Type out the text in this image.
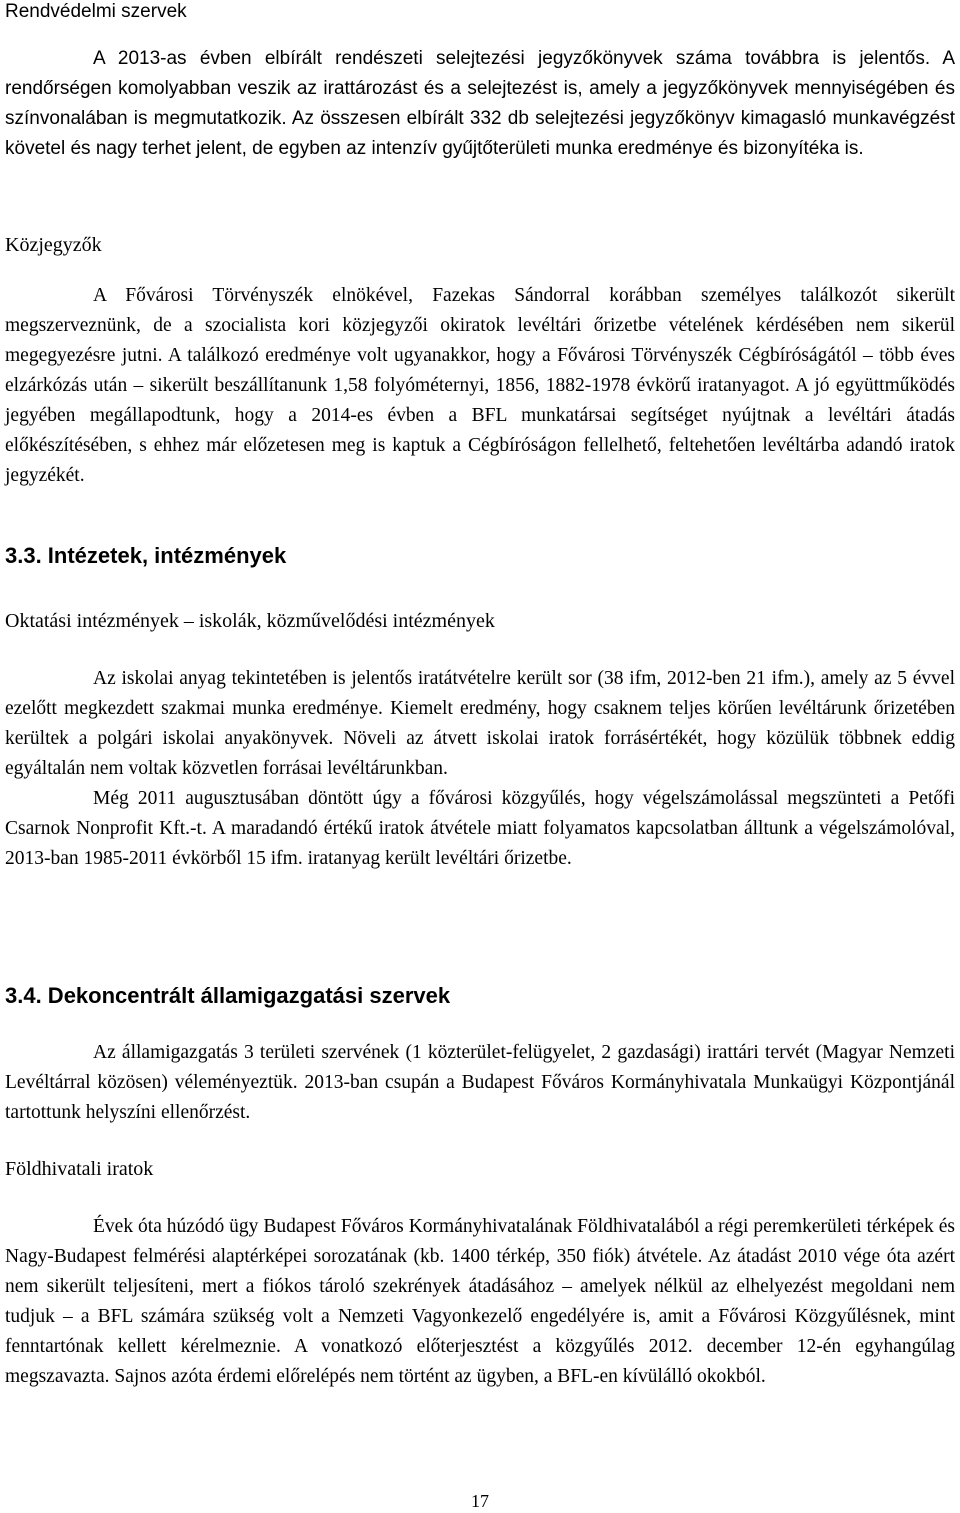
Rendvédelmi szervek

A 2013-as évben elbírált rendészeti selejtezési jegyzőkönyvek száma továbbra is jelentős. A rendőrségen komolyabban veszik az irattározást és a selejtezést is, amely a jegyzőkönyvek mennyiségében és színvonalában is megmutatkozik. Az összesen elbírált 332 db selejtezési jegyzőkönyv kimagasló munkavégzést követel és nagy terhet jelent, de egyben az intenzív gyűjtőterületi munka eredménye és bizonyítéka is.

Közjegyzők

A Fővárosi Törvényszék elnökével, Fazekas Sándorral korábban személyes találkozót sikerült megszerveznünk, de a szocialista kori közjegyzői okiratok levéltári őrizetbe vételének kérdésében nem sikerül megegyezésre jutni. A találkozó eredménye volt ugyanakkor, hogy a Fővárosi Törvényszék Cégbíróságától – több éves elzárkózás után – sikerült beszállítanunk 1,58 folyóméternyi, 1856, 1882-1978 évkörű iratanyagot. A jó együttműködés jegyében megállapodtunk, hogy a 2014-es évben a BFL munkatársai segítséget nyújtnak a levéltári átadás előkészítésében, s ehhez már előzetesen meg is kaptuk a Cégbíróságon fellelhető, feltehetően levéltárba adandó iratok jegyzékét.

3.3. Intézetek, intézmények

Oktatási intézmények – iskolák, közművelődési intézmények

Az iskolai anyag tekintetében is jelentős iratátvételre került sor (38 ifm, 2012-ben 21 ifm.), amely az 5 évvel ezelőtt megkezdett szakmai munka eredménye. Kiemelt eredmény, hogy csaknem teljes körűen levéltárunk őrizetében kerültek a polgári iskolai anyakönyvek. Növeli az átvett iskolai iratok forrásértékét, hogy közülük többnek eddig egyáltalán nem voltak közvetlen forrásai levéltárunkban.

Még 2011 augusztusában döntött úgy a fővárosi közgyűlés, hogy végelszámolással megszünteti a Petőfi Csarnok Nonprofit Kft.-t. A maradandó értékű iratok átvétele miatt folyamatos kapcsolatban álltunk a végelszámolóval, 2013-ban 1985-2011 évkörből 15 ifm. iratanyag került levéltári őrizetbe.

3.4. Dekoncentrált államigazgatási szervek

Az államigazgatás 3 területi szervének (1 közterület-felügyelet, 2 gazdasági) irattári tervét (Magyar Nemzeti Levéltárral közösen) véleményeztük. 2013-ban csupán a Budapest Főváros Kormányhivatala Munkaügyi Központjánál tartottunk helyszíni ellenőrzést.

Földhivatali iratok

Évek óta húzódó ügy Budapest Főváros Kormányhivatalának Földhivatalából a régi peremkerületi térképek és Nagy-Budapest felmérési alaptérképei sorozatának (kb. 1400 térkép, 350 fiók) átvétele. Az átadást 2010 vége óta azért nem sikerült teljesíteni, mert a fiókos tároló szekrények átadásához – amelyek nélkül az elhelyezést megoldani nem tudjuk – a BFL számára szükség volt a Nemzeti Vagyonkezelő engedélyére is, amit a Fővárosi Közgyűlésnek, mint fenntartónak kellett kérelmeznie. A vonatkozó előterjesztést a közgyűlés 2012. december 12-én egyhangúlag megszavazta. Sajnos azóta érdemi előrelépés nem történt az ügyben, a BFL-en kívülálló okokból.

17
